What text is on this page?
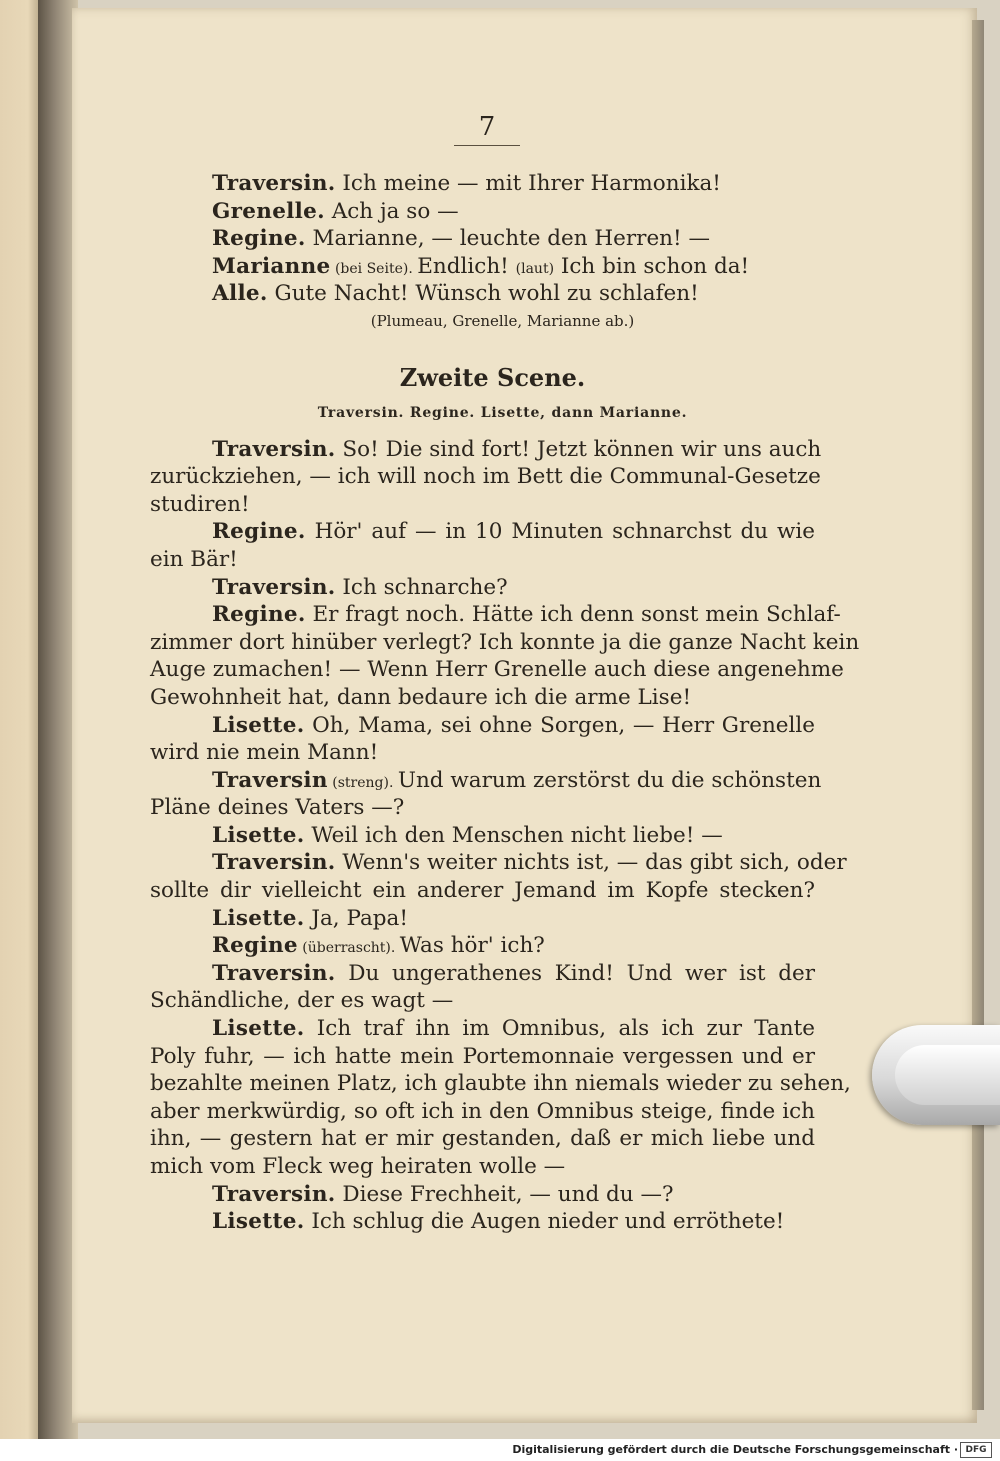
7
Traversin. Ich meine — mit Ihrer Harmonika!
Grenelle. Ach ja so —
Regine. Marianne, — leuchte den Herren! —
Marianne (bei Seite). Endlich! (laut) Ich bin schon da!
Alle. Gute Nacht! Wünsch wohl zu schlafen!
(Plumeau, Grenelle, Marianne ab.)
Zweite Scene.
Traversin. Regine. Lisette, dann Marianne.
Traversin. So! Die sind fort! Jetzt können wir uns auch
zurückziehen, — ich will noch im Bett die Communal-Gesetze
studiren!
Regine. Hör' auf — in 10 Minuten schnarchst du wie
ein Bär!
Traversin. Ich schnarche?
Regine. Er fragt noch. Hätte ich denn sonst mein Schlaf-
zimmer dort hinüber verlegt? Ich konnte ja die ganze Nacht kein
Auge zumachen! — Wenn Herr Grenelle auch diese angenehme
Gewohnheit hat, dann bedaure ich die arme Lise!
Lisette. Oh, Mama, sei ohne Sorgen, — Herr Grenelle
wird nie mein Mann!
Traversin (streng). Und warum zerstörst du die schönsten
Pläne deines Vaters —?
Lisette. Weil ich den Menschen nicht liebe! —
Traversin. Wenn's weiter nichts ist, — das gibt sich, oder
sollte dir vielleicht ein anderer Jemand im Kopfe stecken?
Lisette. Ja, Papa!
Regine (überrascht). Was hör' ich?
Traversin. Du ungerathenes Kind! Und wer ist der
Schändliche, der es wagt —
Lisette. Ich traf ihn im Omnibus, als ich zur Tante
Poly fuhr, — ich hatte mein Portemonnaie vergessen und er
bezahlte meinen Platz, ich glaubte ihn niemals wieder zu sehen,
aber merkwürdig, so oft ich in den Omnibus steige, finde ich
ihn, — gestern hat er mir gestanden, daß er mich liebe und
mich vom Fleck weg heiraten wolle —
Traversin. Diese Frechheit, — und du —?
Lisette. Ich schlug die Augen nieder und erröthete!
Digitalisierung gefördert durch die Deutsche Forschungsgemeinschaft · DFG
